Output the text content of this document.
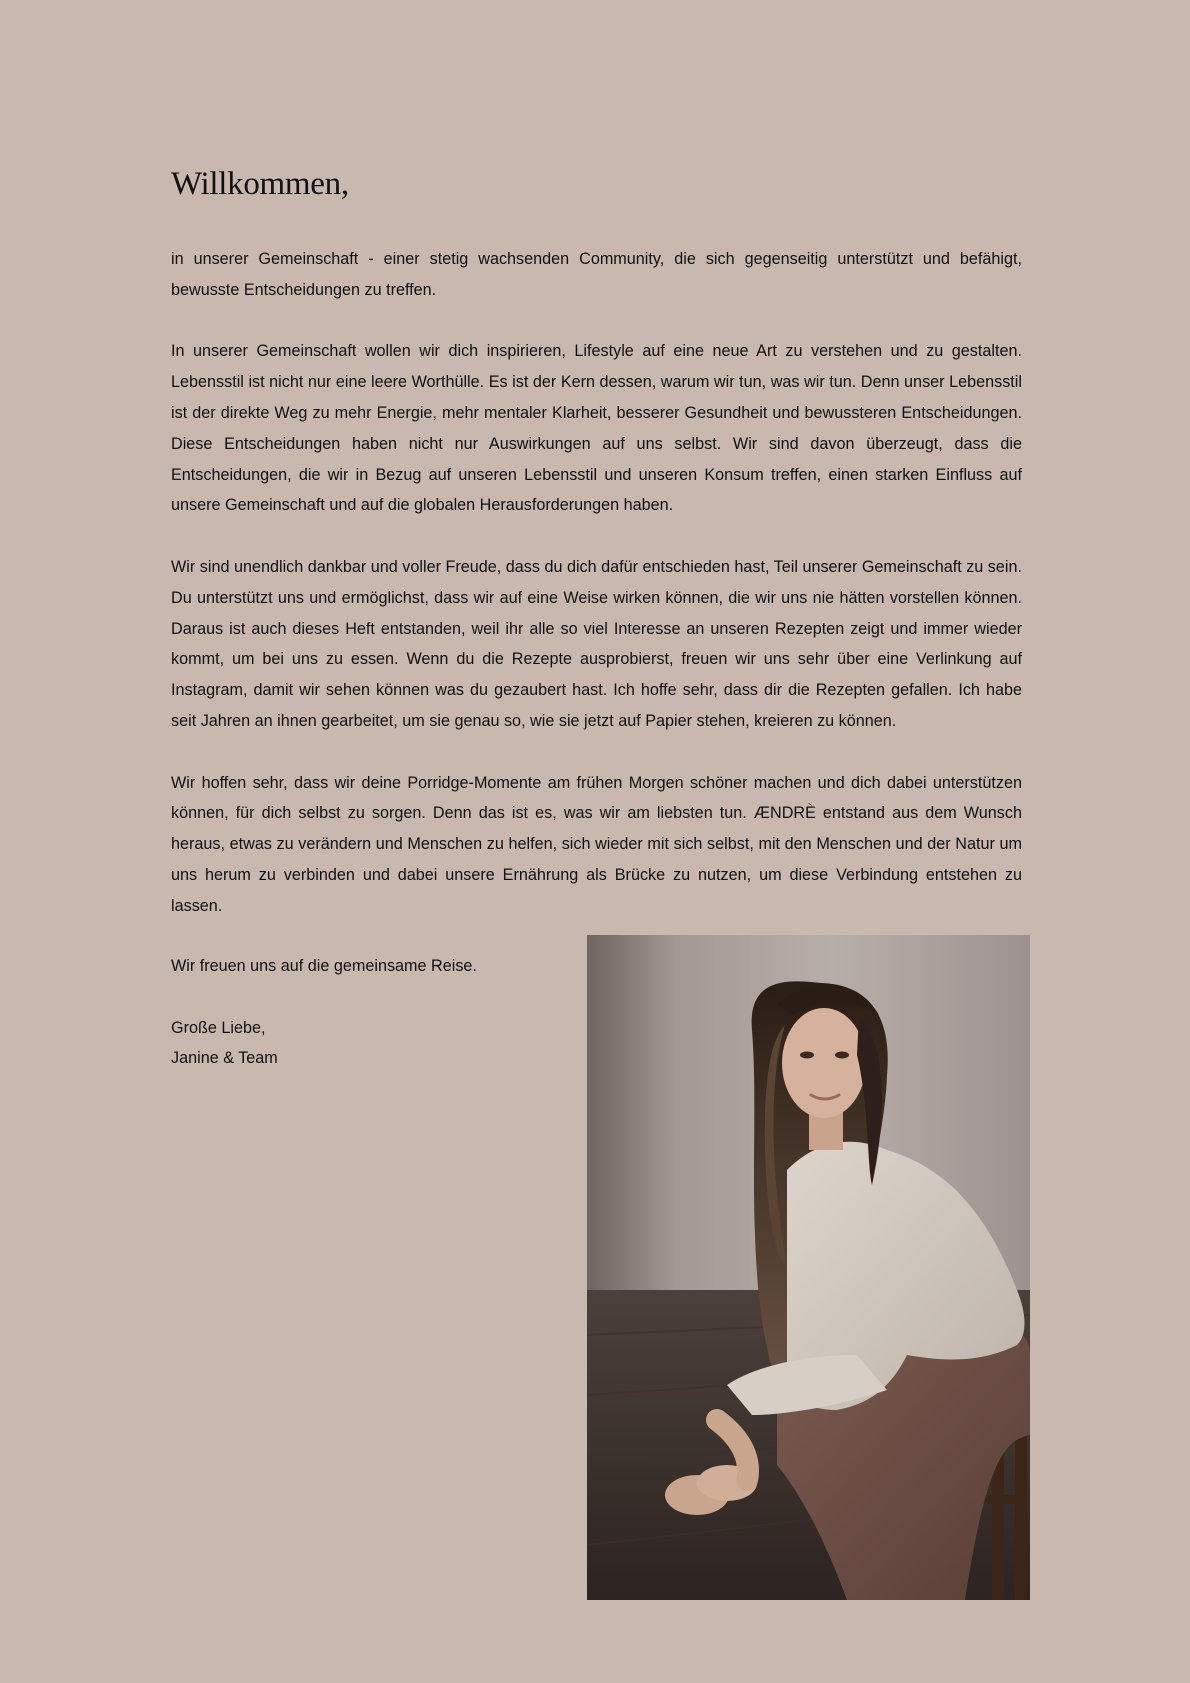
Willkommen,

in unserer Gemeinschaft - einer stetig wachsenden Community, die sich gegenseitig unterstützt und befähigt, bewusste Entscheidungen zu treffen.

In unserer Gemeinschaft wollen wir dich inspirieren, Lifestyle auf eine neue Art zu verstehen und zu gestalten. Lebensstil ist nicht nur eine leere Worthülle. Es ist der Kern dessen, warum wir tun, was wir tun. Denn unser Lebensstil ist der direkte Weg zu mehr Energie, mehr mentaler Klarheit, besserer Gesundheit und bewussteren Entscheidungen. Diese Entscheidungen haben nicht nur Auswirkungen auf uns selbst. Wir sind davon überzeugt, dass die Entscheidungen, die wir in Bezug auf unseren Lebensstil und unseren Konsum treffen, einen starken Einfluss auf unsere Gemeinschaft und auf die globalen Herausforderungen haben.

Wir sind unendlich dankbar und voller Freude, dass du dich dafür entschieden hast, Teil unserer Gemeinschaft zu sein. Du unterstützt uns und ermöglichst, dass wir auf eine Weise wirken können, die wir uns nie hätten vorstellen können. Daraus ist auch dieses Heft entstanden, weil ihr alle so viel Interesse an unseren Rezepten zeigt und immer wieder kommt, um bei uns zu essen. Wenn du die Rezepte ausprobierst, freuen wir uns sehr über eine Verlinkung auf Instagram, damit wir sehen können was du gezaubert hast. Ich hoffe sehr, dass dir die Rezepten gefallen. Ich habe seit Jahren an ihnen gearbeitet, um sie genau so, wie sie jetzt auf Papier stehen, kreieren zu können.

Wir hoffen sehr, dass wir deine Porridge-Momente am frühen Morgen schöner machen und dich dabei unterstützen können, für dich selbst zu sorgen. Denn das ist es, was wir am liebsten tun. ÆNDRÈ entstand aus dem Wunsch heraus, etwas zu verändern und Menschen zu helfen, sich wieder mit sich selbst, mit den Menschen und der Natur um uns herum zu verbinden und dabei unsere Ernährung als Brücke zu nutzen, um diese Verbindung entstehen zu lassen.

Wir freuen uns auf die gemeinsame Reise.

Große Liebe,
Janine & Team
